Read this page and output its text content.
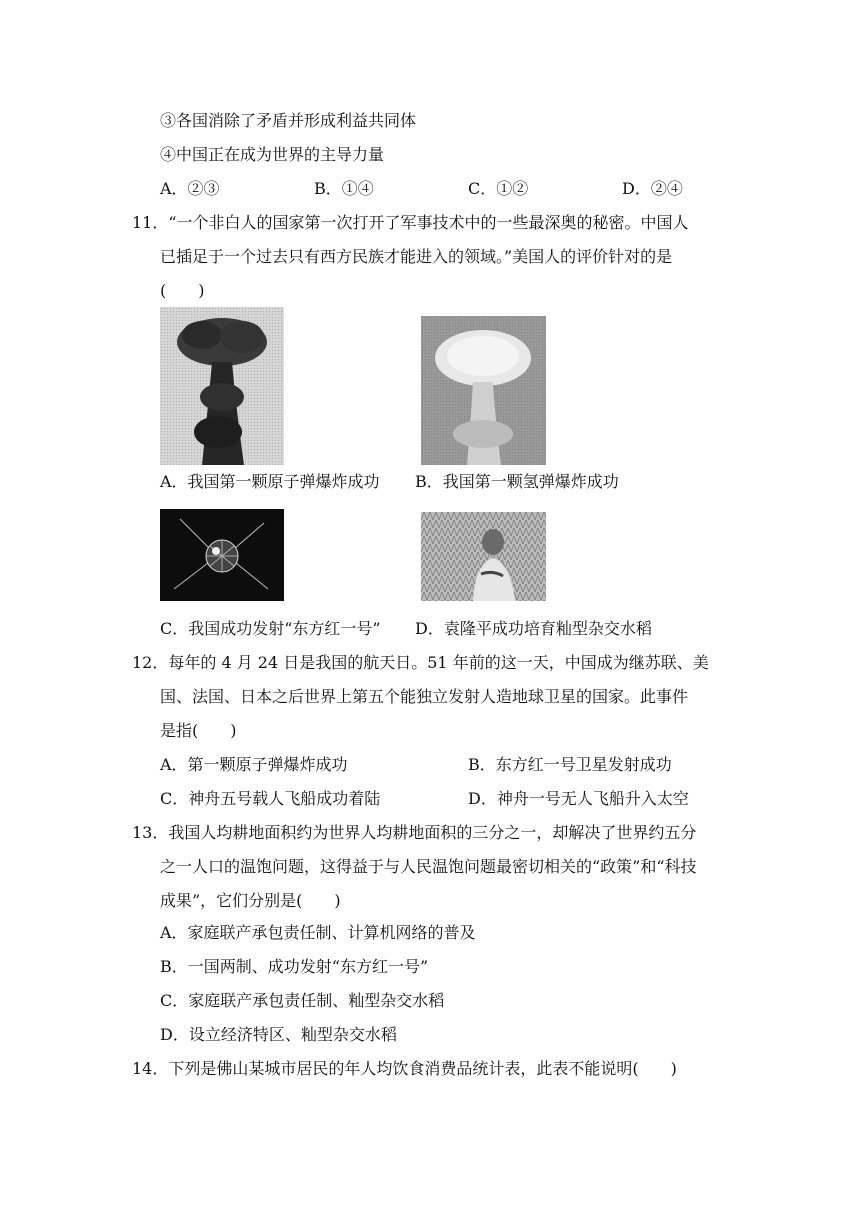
③各国消除了矛盾并形成利益共同体
④中国正在成为世界的主导力量
A．②③	B．①④	C．①②	D．②④
11．“一个非白人的国家第一次打开了军事技术中的一些最深奥的秘密。中国人
已插足于一个过去只有西方民族才能进入的领域。”美国人的评价针对的是
(　　)
A．我国第一颗原子弹爆炸成功 B．我国第一颗氢弹爆炸成功
C．我国成功发射“东方红一号” D．袁隆平成功培育籼型杂交水稻
12．每年的 4 月 24 日是我国的航天日。51 年前的这一天，中国成为继苏联、美
国、法国、日本之后世界上第五个能独立发射人造地球卫星的国家。此事件
是指(　　)
A．第一颗原子弹爆炸成功	B．东方红一号卫星发射成功
C．神舟五号载人飞船成功着陆	D．神舟一号无人飞船升入太空
13．我国人均耕地面积约为世界人均耕地面积的三分之一，却解决了世界约五分
之一人口的温饱问题，这得益于与人民温饱问题最密切相关的“政策”和“科技
成果”，它们分别是(　　)
A．家庭联产承包责任制、计算机网络的普及
B．一国两制、成功发射“东方红一号”
C．家庭联产承包责任制、籼型杂交水稻
D．设立经济特区、籼型杂交水稻
14．下列是佛山某城市居民的年人均饮食消费品统计表，此表不能说明(　　)
